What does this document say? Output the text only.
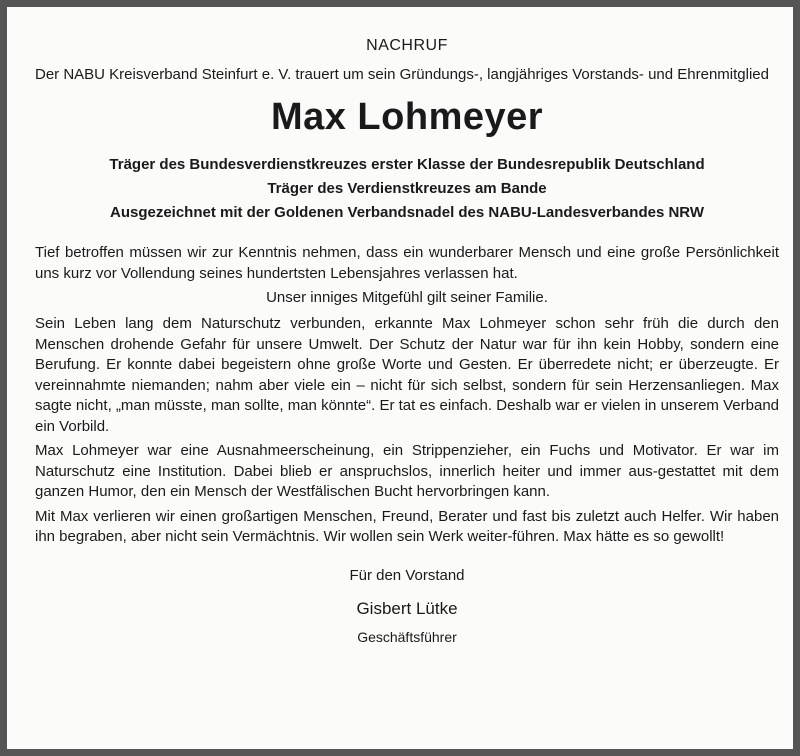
NACHRUF

Der NABU Kreisverband Steinfurt e. V. trauert um sein Gründungs-, langjähriges Vorstands- und Ehrenmitglied

Max Lohmeyer
Träger des Bundesverdienstkreuzes erster Klasse der Bundesrepublik Deutschland
Träger des Verdienstkreuzes am Bande
Ausgezeichnet mit der Goldenen Verbandsnadel des NABU-Landesverbandes NRW

Tief betroffen müssen wir zur Kenntnis nehmen, dass ein wunderbarer Mensch und eine große Persönlichkeit uns kurz vor Vollendung seines hundertsten Lebensjahres verlassen hat.

Unser inniges Mitgefühl gilt seiner Familie.

Sein Leben lang dem Naturschutz verbunden, erkannte Max Lohmeyer schon sehr früh die durch den Menschen drohende Gefahr für unsere Umwelt. Der Schutz der Natur war für ihn kein Hobby, sondern eine Berufung. Er konnte dabei begeistern ohne große Worte und Gesten. Er überredete nicht; er überzeugte. Er vereinnahmte niemanden; nahm aber viele ein – nicht für sich selbst, sondern für sein Herzensanliegen. Max sagte nicht, „man müsste, man sollte, man könnte“. Er tat es einfach. Deshalb war er vielen in unserem Verband ein Vorbild.

Max Lohmeyer war eine Ausnahmeerscheinung, ein Strippenzieher, ein Fuchs und Motivator. Er war im Naturschutz eine Institution. Dabei blieb er anspruchslos, innerlich heiter und immer aus-gestattet mit dem ganzen Humor, den ein Mensch der Westfälischen Bucht hervorbringen kann.

Mit Max verlieren wir einen großartigen Menschen, Freund, Berater und fast bis zuletzt auch Helfer. Wir haben ihn begraben, aber nicht sein Vermächtnis. Wir wollen sein Werk weiter-führen. Max hätte es so gewollt!

Für den Vorstand
Gisbert Lütke
Geschäftsführer
